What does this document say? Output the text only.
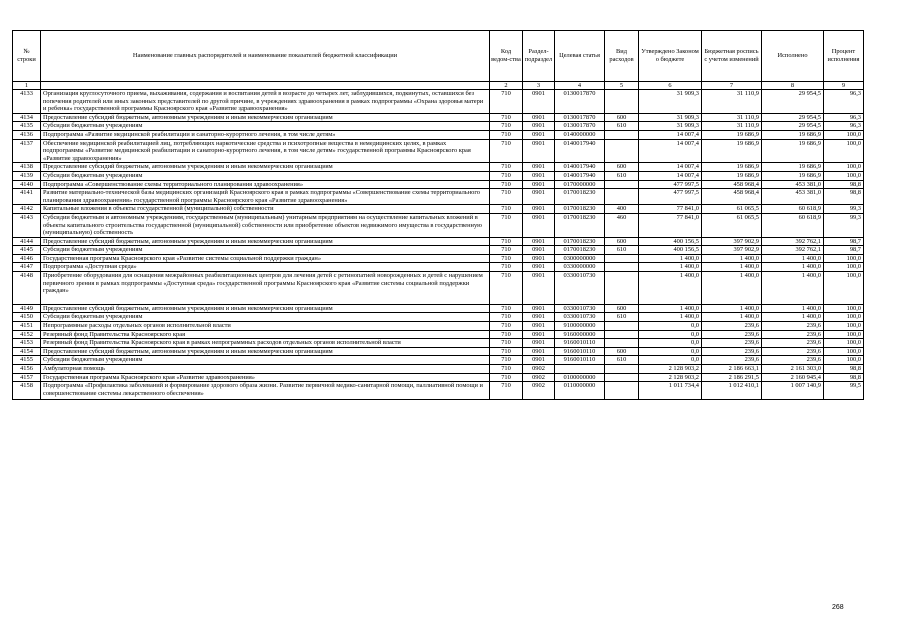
№ строки	Наименование главных распорядителей и наименование показателей бюджетной классификации	Код ведом-ства	Раздел-подраздел	Целевая статья	Вид расходов	Утверждено Законом о бюджете	Бюджетная роспись с учетом изменений	Исполнено	Процент исполнения
1		2	3	4	5	6	7	8	9
4133	Организация круглосуточного приема, выхаживания, содержания и воспитания детей в возрасте до четырех лет, заблудившихся, подкинутых, оставшихся без попечения родителей или иных законных представителей по другой причине, в учреждениях здравоохранения в рамках подпрограммы «Охрана здоровья матери и ребенка» государственной программы Красноярского края «Развитие здравоохранения»	710	0901	0130017870		31 909,3	31 110,9	29 954,5	96,3
4134	Предоставление субсидий бюджетным, автономным учреждениям и иным некоммерческим организациям	710	0901	0130017870	600	31 909,3	31 110,9	29 954,5	96,3
4135	Субсидии бюджетным учреждениям	710	0901	0130017870	610	31 909,3	31 110,9	29 954,5	96,3
4136	Подпрограмма «Развитие медицинской реабилитации и санаторно-курортного лечения, в том числе детям»	710	0901	0140000000		14 007,4	19 686,9	19 686,9	100,0
4137	Обеспечение медицинской реабилитацией лиц, потребляющих наркотические средства и психотропные вещества в немедицинских целях, в рамках подпрограммы «Развитие медицинской реабилитации и санаторно-курортного лечения, в том числе детям» государственной программы Красноярского края «Развитие здравоохранения»	710	0901	0140017940		14 007,4	19 686,9	19 686,9	100,0
4138	Предоставление субсидий бюджетным, автономным учреждениям и иным некоммерческим организациям	710	0901	0140017940	600	14 007,4	19 686,9	19 686,9	100,0
4139	Субсидии бюджетным учреждениям	710	0901	0140017940	610	14 007,4	19 686,9	19 686,9	100,0
4140	Подпрограмма «Совершенствование схемы территориального планирования здравоохранения»	710	0901	0170000000		477 997,5	458 968,4	453 381,0	98,8
4141	Развитие материально-технической базы медицинских организаций Красноярского края в рамках подпрограммы «Совершенствование схемы территориального планирования здравоохранения» государственной программы Красноярского края «Развитие здравоохранения»	710	0901	0170018230		477 997,5	458 968,4	453 381,0	98,8
4142	Капитальные вложения в объекты государственной (муниципальной) собственности	710	0901	0170018230	400	77 841,0	61 065,5	60 618,9	99,3
4143	Субсидии бюджетным и автономным учреждениям, государственным (муниципальным) унитарным предприятиям на осуществление капитальных вложений в объекты капитального строительства государственной (муниципальной) собственности или приобретение объектов недвижимого имущества в государственную (муниципальную) собственность	710	0901	0170018230	460	77 841,0	61 065,5	60 618,9	99,3
4144	Предоставление субсидий бюджетным, автономным учреждениям и иным некоммерческим организациям	710	0901	0170018230	600	400 156,5	397 902,9	392 762,1	98,7
4145	Субсидии бюджетным учреждениям	710	0901	0170018230	610	400 156,5	397 902,9	392 762,1	98,7
4146	Государственная программа Красноярского края «Развитие системы социальной поддержки граждан»	710	0901	0300000000		1 400,0	1 400,0	1 400,0	100,0
4147	Подпрограмма «Доступная среда»	710	0901	0330000000		1 400,0	1 400,0	1 400,0	100,0
4148	Приобретение оборудования для оснащения межрайонных реабилитационных центров для лечения детей с ретинопатией новорожденных и детей с нарушением первичного зрения в рамках подпрограммы «Доступная среда» государственной программы Красноярского края «Развитие системы социальной поддержки граждан»	710	0901	0330010730		1 400,0	1 400,0	1 400,0	100,0
4149	Предоставление субсидий бюджетным, автономным учреждениям и иным некоммерческим организациям	710	0901	0330010730	600	1 400,0	1 400,0	1 400,0	100,0
4150	Субсидии бюджетным учреждениям	710	0901	0330010730	610	1 400,0	1 400,0	1 400,0	100,0
4151	Непрограммные расходы отдельных органов исполнительной власти	710	0901	9100000000		0,0	239,6	239,6	100,0
4152	Резервный фонд Правительства Красноярского края	710	0901	9160000000		0,0	239,6	239,6	100,0
4153	Резервный фонд Правительства Красноярского края в рамках непрограммных расходов отдельных органов исполнительной власти	710	0901	9160010110		0,0	239,6	239,6	100,0
4154	Предоставление субсидий бюджетным, автономным учреждениям и иным некоммерческим организациям	710	0901	9160010110	600	0,0	239,6	239,6	100,0
4155	Субсидии бюджетным учреждениям	710	0901	9160010110	610	0,0	239,6	239,6	100,0
4156	Амбулаторная помощь	710	0902			2 128 903,2	2 186 663,1	2 161 303,0	98,8
4157	Государственная программа Красноярского края «Развитие здравоохранения»	710	0902	0100000000		2 128 903,2	2 186 291,5	2 160 945,4	98,8
4158	Подпрограмма «Профилактика заболеваний и формирование здорового образа жизни. Развитие первичной медико-санитарной помощи, паллиативной помощи и совершенствование системы лекарственного обеспечения»	710	0902	0110000000		1 011 734,4	1 012 410,1	1 007 140,9	99,5
268
